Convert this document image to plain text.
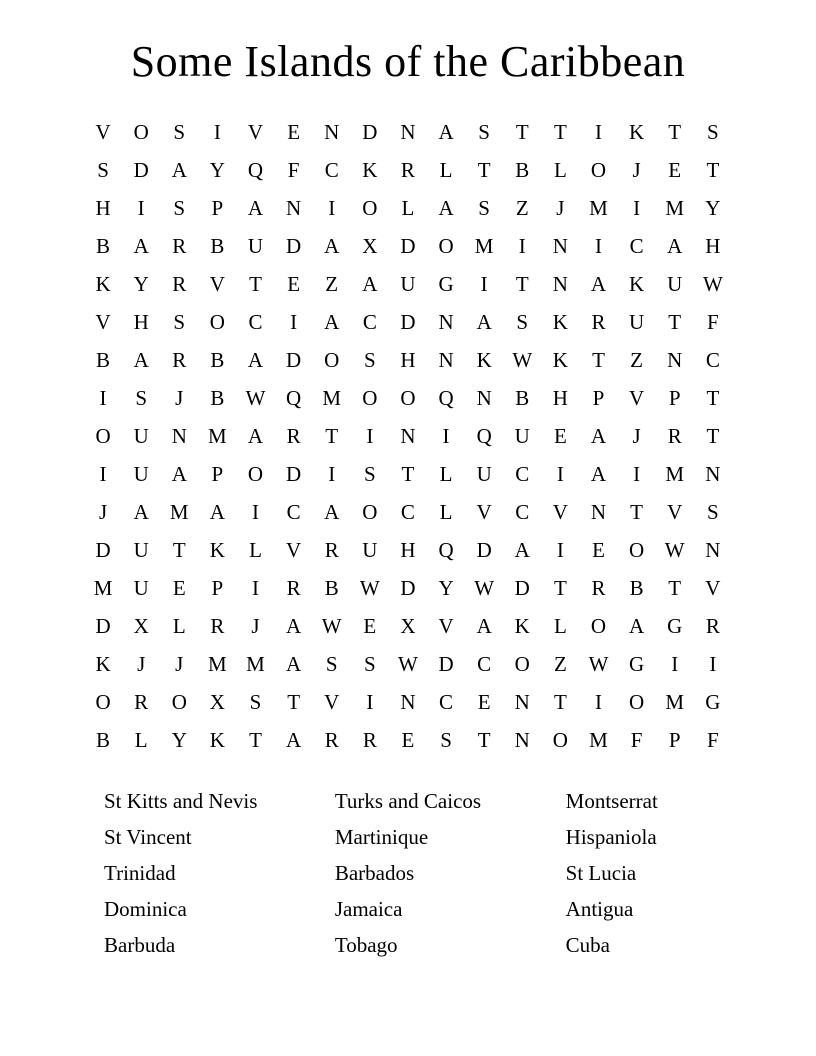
Some Islands of the Caribbean
V	O	S	I	V	E	N	D	N	A	S	T	T	I	K	T	S
S	D	A	Y	Q	F	C	K	R	L	T	B	L	O	J	E	T
H	I	S	P	A	N	I	O	L	A	S	Z	J	M	I	M	Y
B	A	R	B	U	D	A	X	D	O	M	I	N	I	C	A	H
K	Y	R	V	T	E	Z	A	U	G	I	T	N	A	K	U	W
V	H	S	O	C	I	A	C	D	N	A	S	K	R	U	T	F
B	A	R	B	A	D	O	S	H	N	K	W	K	T	Z	N	C
I	S	J	B	W	Q	M	O	O	Q	N	B	H	P	V	P	T
O	U	N	M	A	R	T	I	N	I	Q	U	E	A	J	R	T
I	U	A	P	O	D	I	S	T	L	U	C	I	A	I	M	N
J	A	M	A	I	C	A	O	C	L	V	C	V	N	T	V	S
D	U	T	K	L	V	R	U	H	Q	D	A	I	E	O	W	N
M	U	E	P	I	R	B	W	D	Y	W	D	T	R	B	T	V
D	X	L	R	J	A	W	E	X	V	A	K	L	O	A	G	R
K	J	J	M	M	A	S	S	W	D	C	O	Z	W	G	I	I
O	R	O	X	S	T	V	I	N	C	E	N	T	I	O	M	G
B	L	Y	K	T	A	R	R	E	S	T	N	O	M	F	P	F
St Kitts and Nevis
St Vincent
Trinidad
Dominica
Barbuda
Turks and Caicos
Martinique
Barbados
Jamaica
Tobago
Montserrat
Hispaniola
St Lucia
Antigua
Cuba
